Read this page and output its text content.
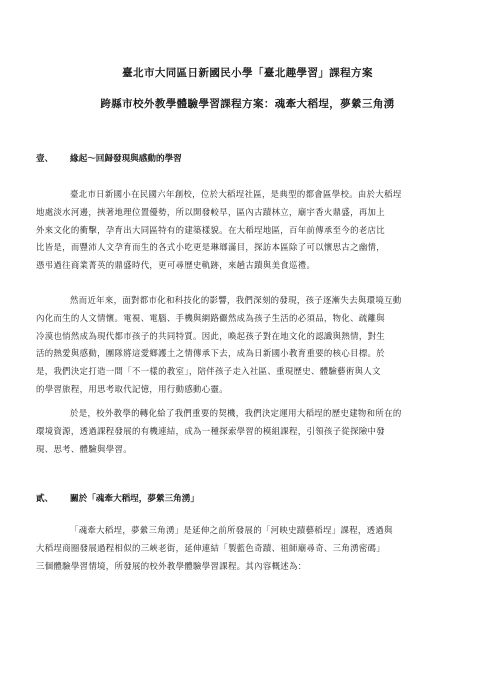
臺北市大同區日新國民小學「臺北趣學習」課程方案
跨縣市校外教學體驗學習課程方案：魂牽大稻埕，夢縈三角湧
壹、 緣起～回歸發現與感動的學習
臺北市日新國小在民國六年創校，位於大稻埕社區，是典型的都會區學校。由於大稻埕
地處淡水河邊，挾著地理位置優勢，所以開發較早，區內古蹟林立，廟宇香火鼎盛，再加上
外來文化的衝擊，孕育出大同區特有的建築樣貌。在大稻埕地區，百年前傳承至今的老店比
比皆是，而豐沛人文孕育而生的各式小吃更是琳瑯滿目，探訪本區除了可以懷思古之幽情，
憑弔過往商業菁英的鼎盛時代，更可尋歷史軌跡，來趟古蹟與美食巡禮。
然而近年來，面對都市化和科技化的影響，我們深刻的發現，孩子逐漸失去與環境互動
內化而生的人文情懷。電視、電腦、手機與網路儼然成為孩子生活的必須品，物化、疏離與
冷漠也悄然成為現代都市孩子的共同特質。因此，喚起孩子對在地文化的認識與熱情，對生
活的熱愛與感動，團隊將這愛鄉護土之情傳承下去，成為日新國小教育重要的核心目標。於
是，我們決定打造一間「不一樣的教室」，陪伴孩子走入社區、重現歷史、體驗藝術與人文
的學習旅程，用思考取代記憶，用行動感動心靈。
於是，校外教學的轉化給了我們重要的契機，我們決定運用大稻埕的歷史建物和所在的
環境資源，透過課程發展的有機連結，成為一種探索學習的模組課程，引領孩子從探險中發
現、思考、體驗與學習。
貳、 關於「魂牽大稻埕，夢縈三角湧」
「魂牽大稻埕，夢縈三角湧」是延伸之前所發展的「河映史蹟藝稻埕」課程，透過與
大稻埕商圈發展過程相似的三峽老街，延伸連結「製藍色奇蹟、祖師廟尋奇、三角湧密碼」
三個體驗學習情境，所發展的校外教學體驗學習課程。其內容概述為：
